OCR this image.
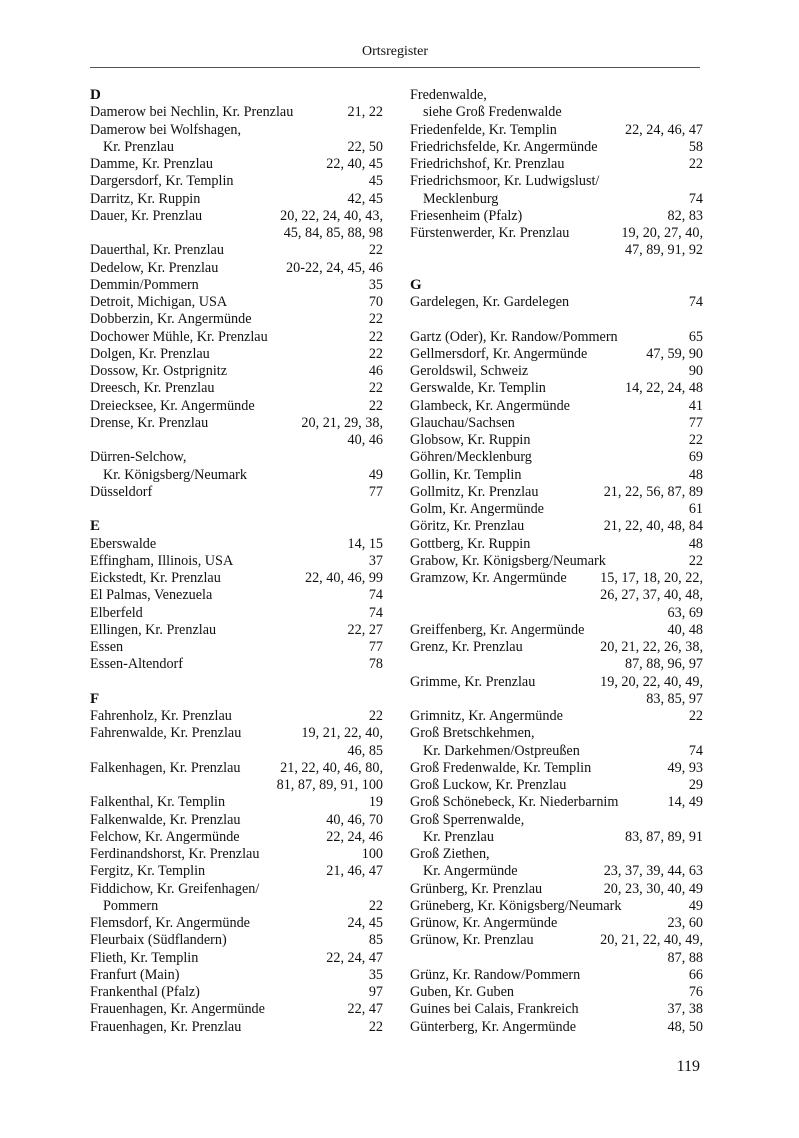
Ortsregister
D
Damerow bei Nechlin, Kr. Prenzlau	21, 22
Damerow bei Wolfshagen,
Kr. Prenzlau	22, 50
Damme, Kr. Prenzlau	22, 40, 45
Dargersdorf, Kr. Templin	45
Darritz, Kr. Ruppin	42, 45
Dauer, Kr. Prenzlau	20, 22, 24, 40, 43,
45, 84, 85, 88, 98
Dauerthal, Kr. Prenzlau	22
Dedelow, Kr. Prenzlau	20-22, 24, 45, 46
Demmin/Pommern	35
Detroit, Michigan, USA	70
Dobberzin, Kr. Angermünde	22
Dochower Mühle, Kr. Prenzlau	22
Dolgen, Kr. Prenzlau	22
Dossow, Kr. Ostprignitz	46
Dreesch, Kr. Prenzlau	22
Dreiecksee, Kr. Angermünde	22
Drense, Kr. Prenzlau	20, 21, 29, 38,
40, 46
Dürren-Selchow,
Kr. Königsberg/Neumark	49
Düsseldorf	77
E
Eberswalde	14, 15
Effingham, Illinois, USA	37
Eickstedt, Kr. Prenzlau	22, 40, 46, 99
El Palmas, Venezuela	74
Elberfeld	74
Ellingen, Kr. Prenzlau	22, 27
Essen	77
Essen-Altendorf	78
F
Fahrenholz, Kr. Prenzlau	22
Fahrenwalde, Kr. Prenzlau	19, 21, 22, 40,
46, 85
Falkenhagen, Kr. Prenzlau	21, 22, 40, 46, 80,
81, 87, 89, 91, 100
Falkenthal, Kr. Templin	19
Falkenwalde, Kr. Prenzlau	40, 46, 70
Felchow, Kr. Angermünde	22, 24, 46
Ferdinandshorst, Kr. Prenzlau	100
Fergitz, Kr. Templin	21, 46, 47
Fiddichow, Kr. Greifenhagen/
Pommern	22
Flemsdorf, Kr. Angermünde	24, 45
Fleurbaix (Südflandern)	85
Flieth, Kr. Templin	22, 24, 47
Franfurt (Main)	35
Frankenthal (Pfalz)	97
Frauenhagen, Kr. Angermünde	22, 47
Frauenhagen, Kr. Prenzlau	22
Fredenwalde,
siehe Groß Fredenwalde
Friedenfelde, Kr. Templin	22, 24, 46, 47
Friedrichsfelde, Kr. Angermünde	58
Friedrichshof, Kr. Prenzlau	22
Friedrichsmoor, Kr. Ludwigslust/
Mecklenburg	74
Friesenheim (Pfalz)	82, 83
Fürstenwerder, Kr. Prenzlau	19, 20, 27, 40,
47, 89, 91, 92
G
Gardelegen, Kr. Gardelegen	74
Gartz (Oder), Kr. Randow/Pommern	65
Gellmersdorf, Kr. Angermünde	47, 59, 90
Geroldswil, Schweiz	90
Gerswalde, Kr. Templin	14, 22, 24, 48
Glambeck, Kr. Angermünde	41
Glauchau/Sachsen	77
Globsow, Kr. Ruppin	22
Göhren/Mecklenburg	69
Gollin, Kr. Templin	48
Gollmitz, Kr. Prenzlau	21, 22, 56, 87, 89
Golm, Kr. Angermünde	61
Göritz, Kr. Prenzlau	21, 22, 40, 48, 84
Gottberg, Kr. Ruppin	48
Grabow, Kr. Königsberg/Neumark	22
Gramzow, Kr. Angermünde	15, 17, 18, 20, 22,
26, 27, 37, 40, 48,
63, 69
Greiffenberg, Kr. Angermünde	40, 48
Grenz, Kr. Prenzlau	20, 21, 22, 26, 38,
87, 88, 96, 97
Grimme, Kr. Prenzlau	19, 20, 22, 40, 49,
83, 85, 97
Grimnitz, Kr. Angermünde	22
Groß Bretschkehmen,
Kr. Darkehmen/Ostpreußen	74
Groß Fredenwalde, Kr. Templin	49, 93
Groß Luckow, Kr. Prenzlau	29
Groß Schönebeck, Kr. Niederbarnim	14, 49
Groß Sperrenwalde,
Kr. Prenzlau	83, 87, 89, 91
Groß Ziethen,
Kr. Angermünde	23, 37, 39, 44, 63
Grünberg, Kr. Prenzlau	20, 23, 30, 40, 49
Grüneberg, Kr. Königsberg/Neumark	49
Grünow, Kr. Angermünde	23, 60
Grünow, Kr. Prenzlau	20, 21, 22, 40, 49,
87, 88
Grünz, Kr. Randow/Pommern	66
Guben, Kr. Guben	76
Guines bei Calais, Frankreich	37, 38
Günterberg, Kr. Angermünde	48, 50
119
